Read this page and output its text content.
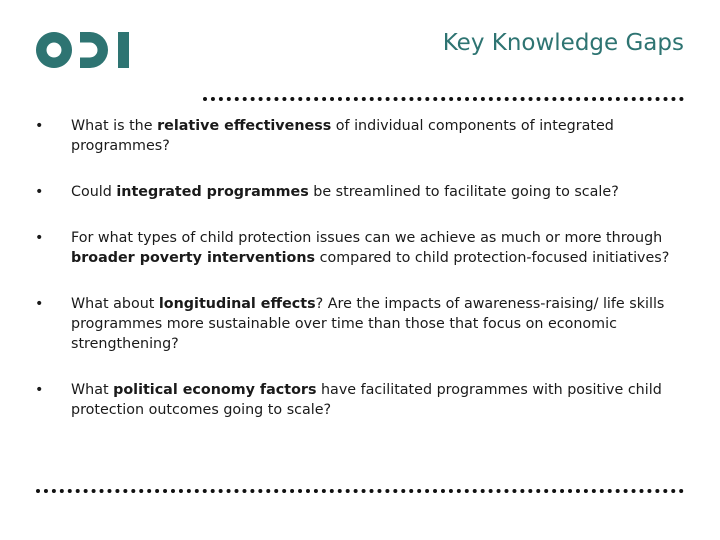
Key Knowledge Gaps
• What is the relative effectiveness of individual components of integrated programmes?
• Could integrated programmes be streamlined to facilitate going to scale?
• For what types of child protection issues can we achieve as much or more through broader poverty interventions compared to child protection-focused initiatives?
• What about longitudinal effects? Are the impacts of awareness-raising/ life skills programmes more sustainable over time than those that focus on economic strengthening?
• What political economy factors have facilitated programmes with positive child protection outcomes going to scale?
